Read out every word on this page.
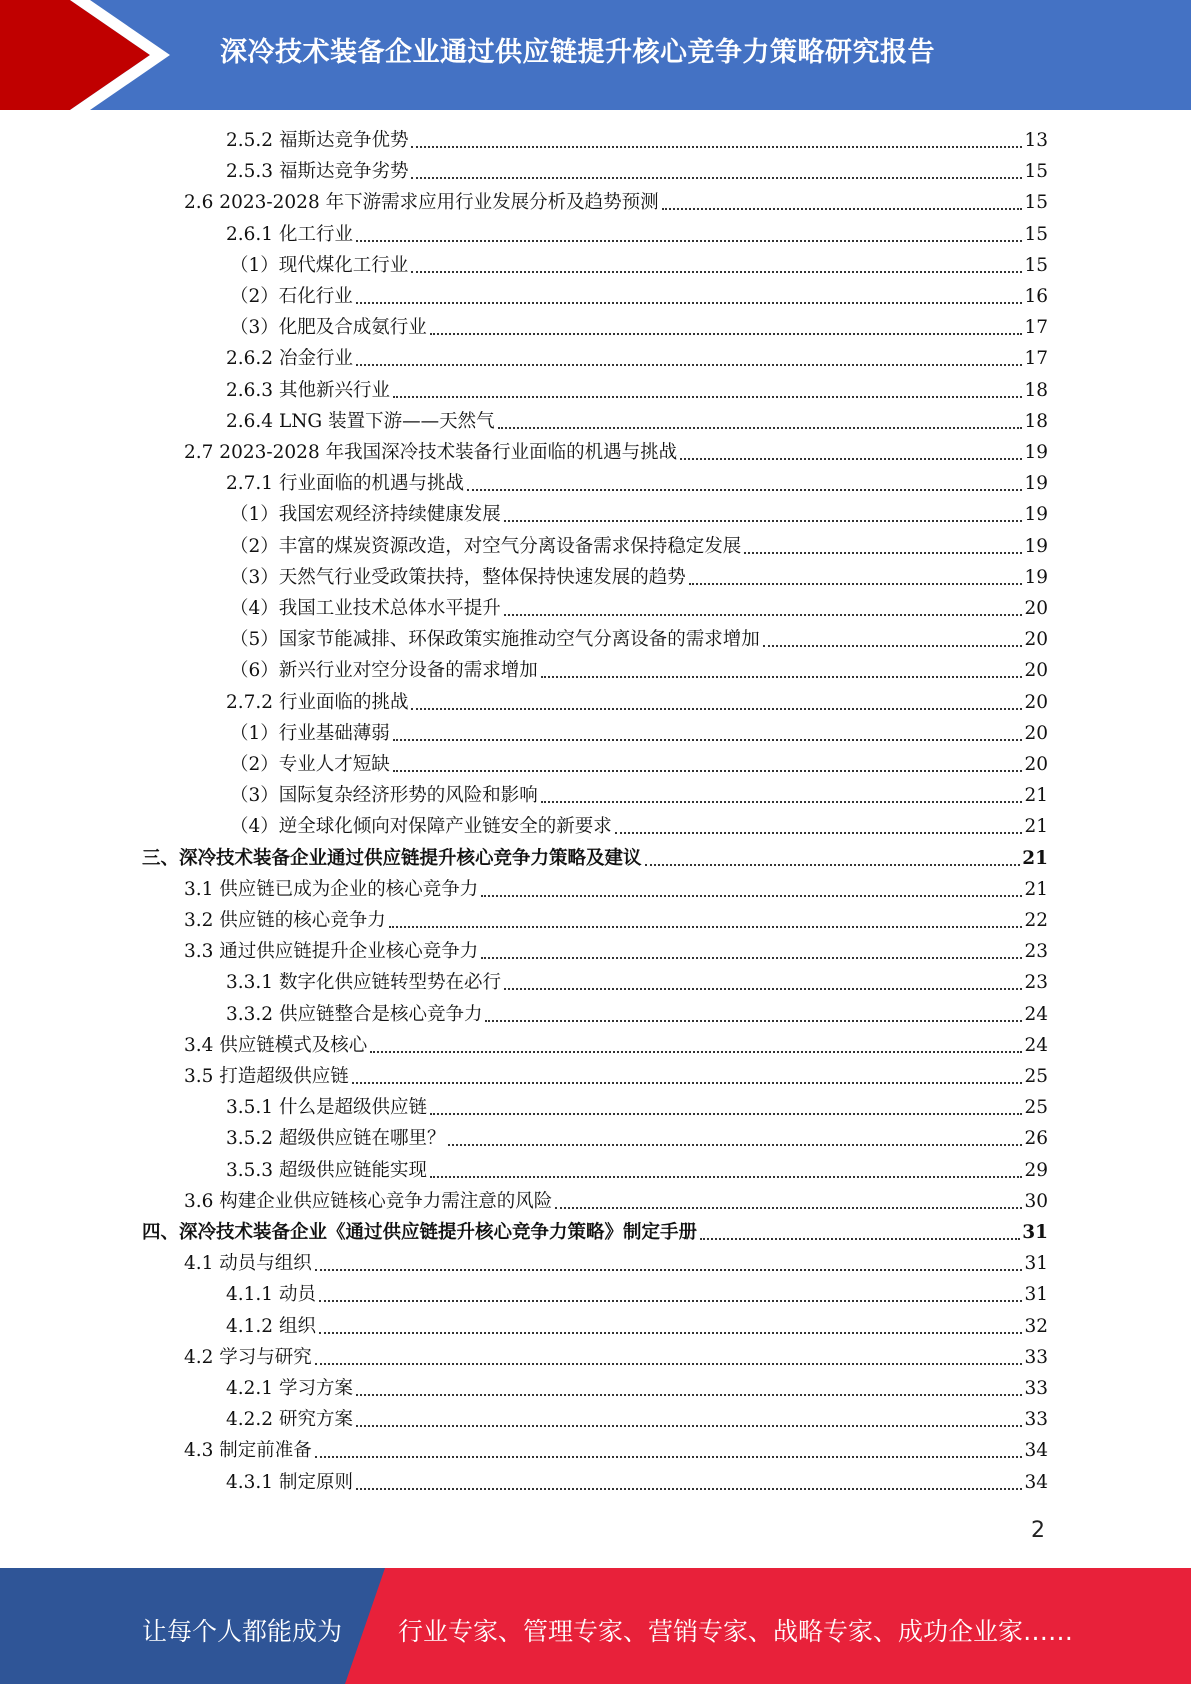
深冷技术装备企业通过供应链提升核心竞争力策略研究报告
2.5.2 福斯达竞争优势	13
2.5.3 福斯达竞争劣势	15
2.6 2023-2028 年下游需求应用行业发展分析及趋势预测	15
2.6.1 化工行业	15
（1）现代煤化工行业	15
（2）石化行业	16
（3）化肥及合成氨行业	17
2.6.2 冶金行业	17
2.6.3 其他新兴行业	18
2.6.4 LNG 装置下游——天然气	18
2.7 2023-2028 年我国深冷技术装备行业面临的机遇与挑战	19
2.7.1 行业面临的机遇与挑战	19
（1）我国宏观经济持续健康发展	19
（2）丰富的煤炭资源改造，对空气分离设备需求保持稳定发展	19
（3）天然气行业受政策扶持，整体保持快速发展的趋势	19
（4）我国工业技术总体水平提升	20
（5）国家节能减排、环保政策实施推动空气分离设备的需求增加	20
（6）新兴行业对空分设备的需求增加	20
2.7.2 行业面临的挑战	20
（1）行业基础薄弱	20
（2）专业人才短缺	20
（3）国际复杂经济形势的风险和影响	21
（4）逆全球化倾向对保障产业链安全的新要求	21
三、深冷技术装备企业通过供应链提升核心竞争力策略及建议	21
3.1 供应链已成为企业的核心竞争力	21
3.2 供应链的核心竞争力	22
3.3 通过供应链提升企业核心竞争力	23
3.3.1 数字化供应链转型势在必行	23
3.3.2 供应链整合是核心竞争力	24
3.4 供应链模式及核心	24
3.5 打造超级供应链	25
3.5.1 什么是超级供应链	25
3.5.2 超级供应链在哪里？	26
3.5.3 超级供应链能实现	29
3.6 构建企业供应链核心竞争力需注意的风险	30
四、深冷技术装备企业《通过供应链提升核心竞争力策略》制定手册	31
4.1 动员与组织	31
4.1.1 动员	31
4.1.2 组织	32
4.2 学习与研究	33
4.2.1 学习方案	33
4.2.2 研究方案	33
4.3 制定前准备	34
4.3.1 制定原则	34
2
让每个人都能成为 行业专家、管理专家、营销专家、战略专家、成功企业家……
